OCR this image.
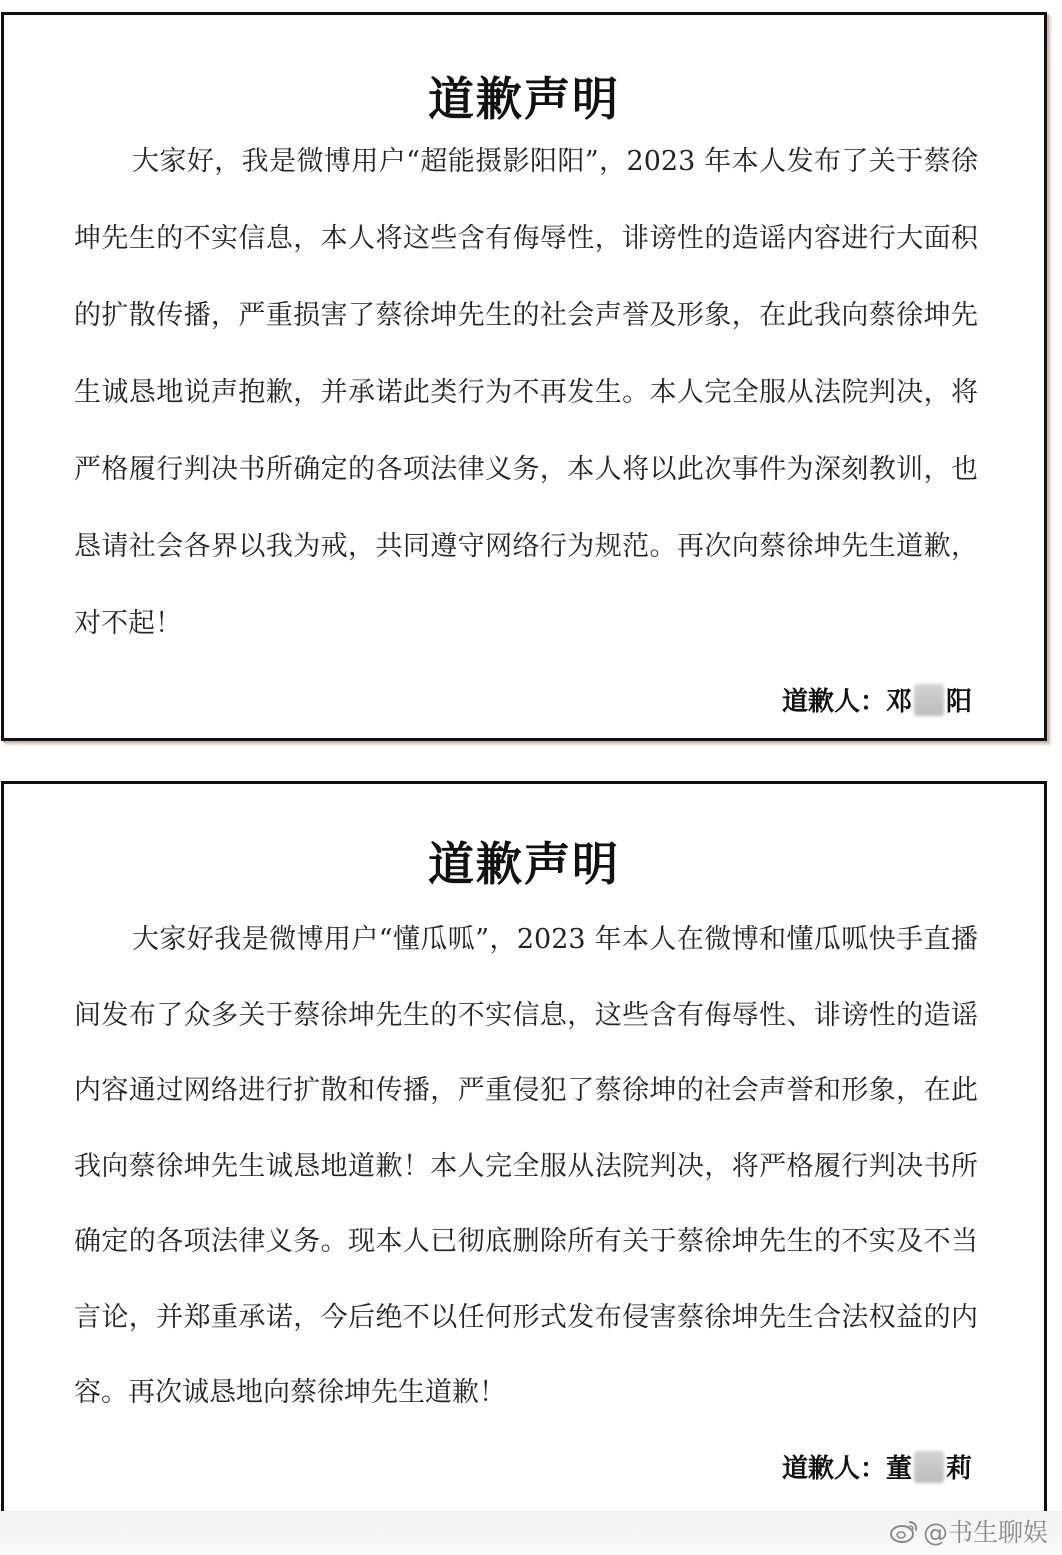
道歉声明

大家好，我是微博用户“超能摄影阳阳”，2023 年本人发布了关于蔡徐坤先生的不实信息，本人将这些含有侮辱性，诽谤性的造谣内容进行大面积的扩散传播，严重损害了蔡徐坤先生的社会声誉及形象，在此我向蔡徐坤先生诚恳地说声抱歉，并承诺此类行为不再发生。本人完全服从法院判决，将严格履行判决书所确定的各项法律义务，本人将以此次事件为深刻教训，也恳请社会各界以我为戒，共同遵守网络行为规范。再次向蔡徐坤先生道歉，对不起！

道歉人： 邓 阳
道歉声明

大家好我是微博用户“懂瓜呱”，2023 年本人在微博和懂瓜呱快手直播间发布了众多关于蔡徐坤先生的不实信息，这些含有侮辱性、诽谤性的造谣内容通过网络进行扩散和传播，严重侵犯了蔡徐坤的社会声誉和形象，在此我向蔡徐坤先生诚恳地道歉！本人完全服从法院判决，将严格履行判决书所确定的各项法律义务。现本人已彻底删除所有关于蔡徐坤先生的不实及不当言论，并郑重承诺，今后绝不以任何形式发布侵害蔡徐坤先生合法权益的内容。再次诚恳地向蔡徐坤先生道歉！

道歉人： 董 莉
@书生聊娱
